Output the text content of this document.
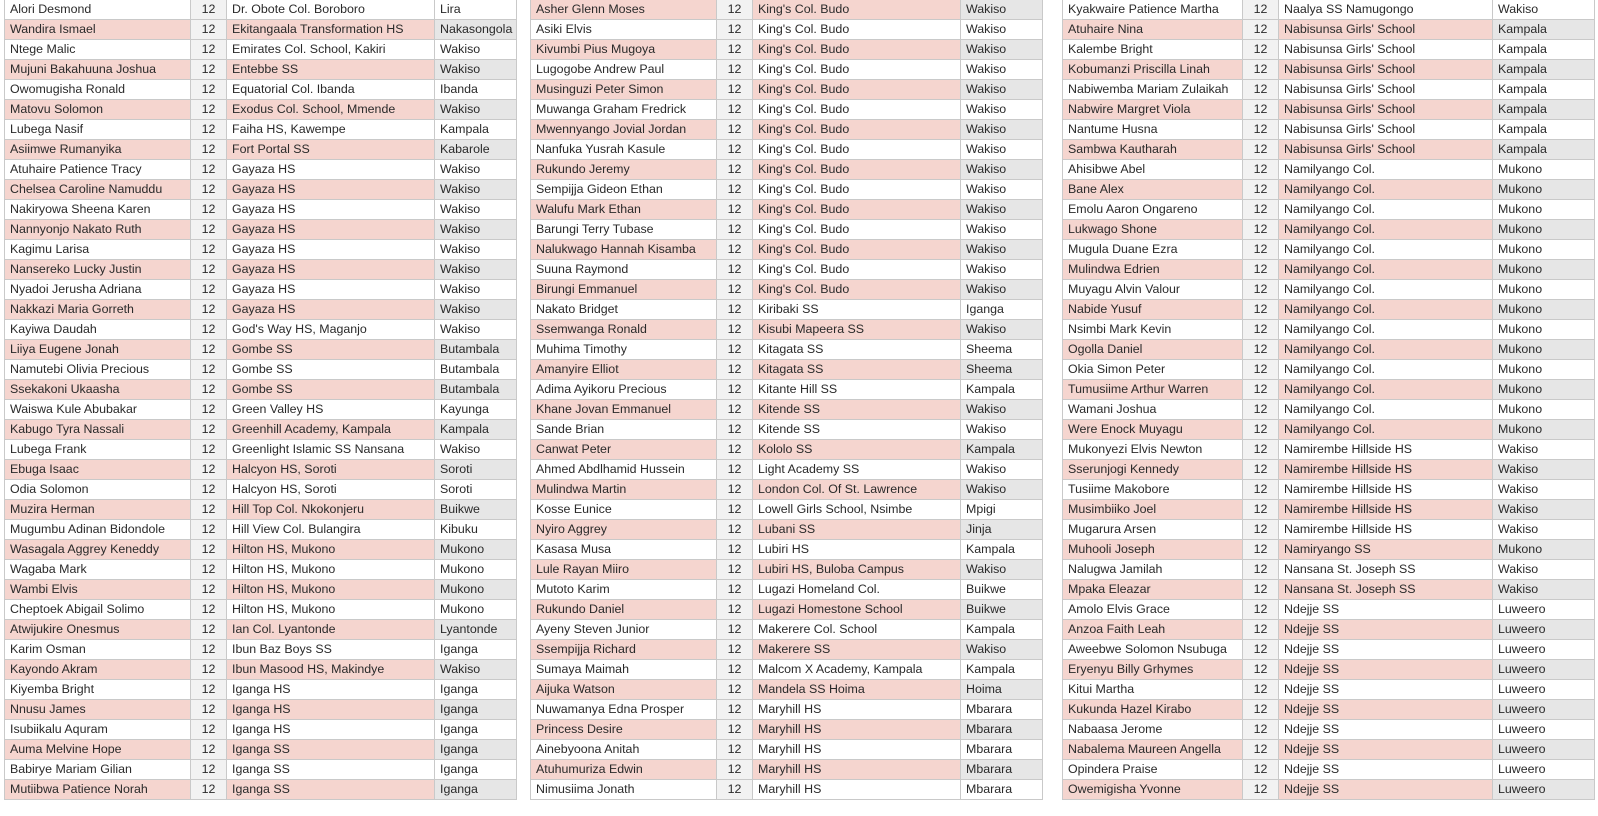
Alori Desmond	12	Dr. Obote Col. Boroboro	Lira
Wandira Ismael	12	Ekitangaala Transformation HS	Nakasongola
Ntege Malic	12	Emirates Col. School, Kakiri	Wakiso
Mujuni Bakahuuna Joshua	12	Entebbe SS	Wakiso
Owomugisha Ronald	12	Equatorial Col. Ibanda	Ibanda
Matovu Solomon	12	Exodus Col. School, Mmende	Wakiso
Lubega Nasif	12	Faiha HS, Kawempe	Kampala
Asiimwe Rumanyika	12	Fort Portal SS	Kabarole
Atuhaire Patience Tracy	12	Gayaza HS	Wakiso
Chelsea Caroline Namuddu	12	Gayaza HS	Wakiso
Nakiryowa Sheena Karen	12	Gayaza HS	Wakiso
Nannyonjo Nakato Ruth	12	Gayaza HS	Wakiso
Kagimu Larisa	12	Gayaza HS	Wakiso
Nansereko Lucky Justin	12	Gayaza HS	Wakiso
Nyadoi Jerusha Adriana	12	Gayaza HS	Wakiso
Nakkazi Maria Gorreth	12	Gayaza HS	Wakiso
Kayiwa Daudah	12	God's Way HS, Maganjo	Wakiso
Liiya Eugene Jonah	12	Gombe SS	Butambala
Namutebi Olivia Precious	12	Gombe SS	Butambala
Ssekakoni Ukaasha	12	Gombe SS	Butambala
Waiswa Kule Abubakar	12	Green Valley HS	Kayunga
Kabugo Tyra Nassali	12	Greenhill Academy, Kampala	Kampala
Lubega Frank	12	Greenlight Islamic SS Nansana	Wakiso
Ebuga Isaac	12	Halcyon HS, Soroti	Soroti
Odia Solomon	12	Halcyon HS, Soroti	Soroti
Muzira Herman	12	Hill Top Col. Nkokonjeru	Buikwe
Mugumbu Adinan Bidondole	12	Hill View Col. Bulangira	Kibuku
Wasagala Aggrey Keneddy	12	Hilton HS, Mukono	Mukono
Wagaba Mark	12	Hilton HS, Mukono	Mukono
Wambi Elvis	12	Hilton HS, Mukono	Mukono
Cheptoek Abigail Solimo	12	Hilton HS, Mukono	Mukono
Atwijukire Onesmus	12	Ian Col. Lyantonde	Lyantonde
Karim Osman	12	Ibun Baz Boys SS	Iganga
Kayondo Akram	12	Ibun Masood HS, Makindye	Wakiso
Kiyemba Bright	12	Iganga HS	Iganga
Nnusu James	12	Iganga HS	Iganga
Isubiikalu Aquram	12	Iganga HS	Iganga
Auma Melvine Hope	12	Iganga SS	Iganga
Babirye Mariam Gilian	12	Iganga SS	Iganga
Mutiibwa Patience Norah	12	Iganga SS	Iganga
Asher Glenn Moses	12	King's Col. Budo	Wakiso
Asiki Elvis	12	King's Col. Budo	Wakiso
Kivumbi Pius Mugoya	12	King's Col. Budo	Wakiso
Lugogobe Andrew Paul	12	King's Col. Budo	Wakiso
Musinguzi Peter Simon	12	King's Col. Budo	Wakiso
Muwanga Graham Fredrick	12	King's Col. Budo	Wakiso
Mwennyango Jovial Jordan	12	King's Col. Budo	Wakiso
Nanfuka Yusrah Kasule	12	King's Col. Budo	Wakiso
Rukundo Jeremy	12	King's Col. Budo	Wakiso
Sempijja Gideon Ethan	12	King's Col. Budo	Wakiso
Walufu Mark Ethan	12	King's Col. Budo	Wakiso
Barungi Terry Tubase	12	King's Col. Budo	Wakiso
Nalukwago Hannah Kisamba	12	King's Col. Budo	Wakiso
Suuna Raymond	12	King's Col. Budo	Wakiso
Birungi Emmanuel	12	King's Col. Budo	Wakiso
Nakato Bridget	12	Kiribaki SS	Iganga
Ssemwanga Ronald	12	Kisubi Mapeera SS	Wakiso
Muhima Timothy	12	Kitagata SS	Sheema
Amanyire Elliot	12	Kitagata SS	Sheema
Adima Ayikoru Precious	12	Kitante Hill SS	Kampala
Khane Jovan Emmanuel	12	Kitende SS	Wakiso
Sande Brian	12	Kitende SS	Wakiso
Canwat Peter	12	Kololo SS	Kampala
Ahmed Abdlhamid Hussein	12	Light Academy SS	Wakiso
Mulindwa Martin	12	London Col. Of St. Lawrence	Wakiso
Kosse Eunice	12	Lowell Girls School, Nsimbe	Mpigi
Nyiro Aggrey	12	Lubani SS	Jinja
Kasasa Musa	12	Lubiri HS	Kampala
Lule Rayan Miiro	12	Lubiri HS, Buloba Campus	Wakiso
Mutoto Karim	12	Lugazi Homeland Col.	Buikwe
Rukundo Daniel	12	Lugazi Homestone School	Buikwe
Ayeny Steven Junior	12	Makerere Col. School	Kampala
Ssempijja Richard	12	Makerere SS	Wakiso
Sumaya Maimah	12	Malcom X Academy, Kampala	Kampala
Aijuka Watson	12	Mandela SS Hoima	Hoima
Nuwamanya Edna Prosper	12	Maryhill HS	Mbarara
Princess Desire	12	Maryhill HS	Mbarara
Ainebyoona Anitah	12	Maryhill HS	Mbarara
Atuhumuriza Edwin	12	Maryhill HS	Mbarara
Nimusiima Jonath	12	Maryhill HS	Mbarara
Kyakwaire Patience Martha	12	Naalya SS Namugongo	Wakiso
Atuhaire Nina	12	Nabisunsa Girls' School	Kampala
Kalembe Bright	12	Nabisunsa Girls' School	Kampala
Kobumanzi Priscilla Linah	12	Nabisunsa Girls' School	Kampala
Nabiwemba Mariam Zulaikah	12	Nabisunsa Girls' School	Kampala
Nabwire Margret Viola	12	Nabisunsa Girls' School	Kampala
Nantume Husna	12	Nabisunsa Girls' School	Kampala
Sambwa Kautharah	12	Nabisunsa Girls' School	Kampala
Ahisibwe Abel	12	Namilyango Col.	Mukono
Bane Alex	12	Namilyango Col.	Mukono
Emolu Aaron Ongareno	12	Namilyango Col.	Mukono
Lukwago Shone	12	Namilyango Col.	Mukono
Mugula Duane Ezra	12	Namilyango Col.	Mukono
Mulindwa Edrien	12	Namilyango Col.	Mukono
Muyagu Alvin Valour	12	Namilyango Col.	Mukono
Nabide Yusuf	12	Namilyango Col.	Mukono
Nsimbi Mark Kevin	12	Namilyango Col.	Mukono
Ogolla Daniel	12	Namilyango Col.	Mukono
Okia Simon Peter	12	Namilyango Col.	Mukono
Tumusiime Arthur Warren	12	Namilyango Col.	Mukono
Wamani Joshua	12	Namilyango Col.	Mukono
Were Enock Muyagu	12	Namilyango Col.	Mukono
Mukonyezi Elvis Newton	12	Namirembe Hillside HS	Wakiso
Sserunjogi Kennedy	12	Namirembe Hillside HS	Wakiso
Tusiime Makobore	12	Namirembe Hillside HS	Wakiso
Musimbiiko Joel	12	Namirembe Hillside HS	Wakiso
Mugarura Arsen	12	Namirembe Hillside HS	Wakiso
Muhooli Joseph	12	Namiryango SS	Mukono
Nalugwa Jamilah	12	Nansana St. Joseph SS	Wakiso
Mpaka Eleazar	12	Nansana St. Joseph SS	Wakiso
Amolo Elvis Grace	12	Ndejje SS	Luweero
Anzoa Faith Leah	12	Ndejje SS	Luweero
Aweebwe Solomon Nsubuga	12	Ndejje SS	Luweero
Eryenyu Billy Grhymes	12	Ndejje SS	Luweero
Kitui Martha	12	Ndejje SS	Luweero
Kukunda Hazel Kirabo	12	Ndejje SS	Luweero
Nabaasa Jerome	12	Ndejje SS	Luweero
Nabalema Maureen Angella	12	Ndejje SS	Luweero
Opindera Praise	12	Ndejje SS	Luweero
Owemigisha Yvonne	12	Ndejje SS	Luweero
